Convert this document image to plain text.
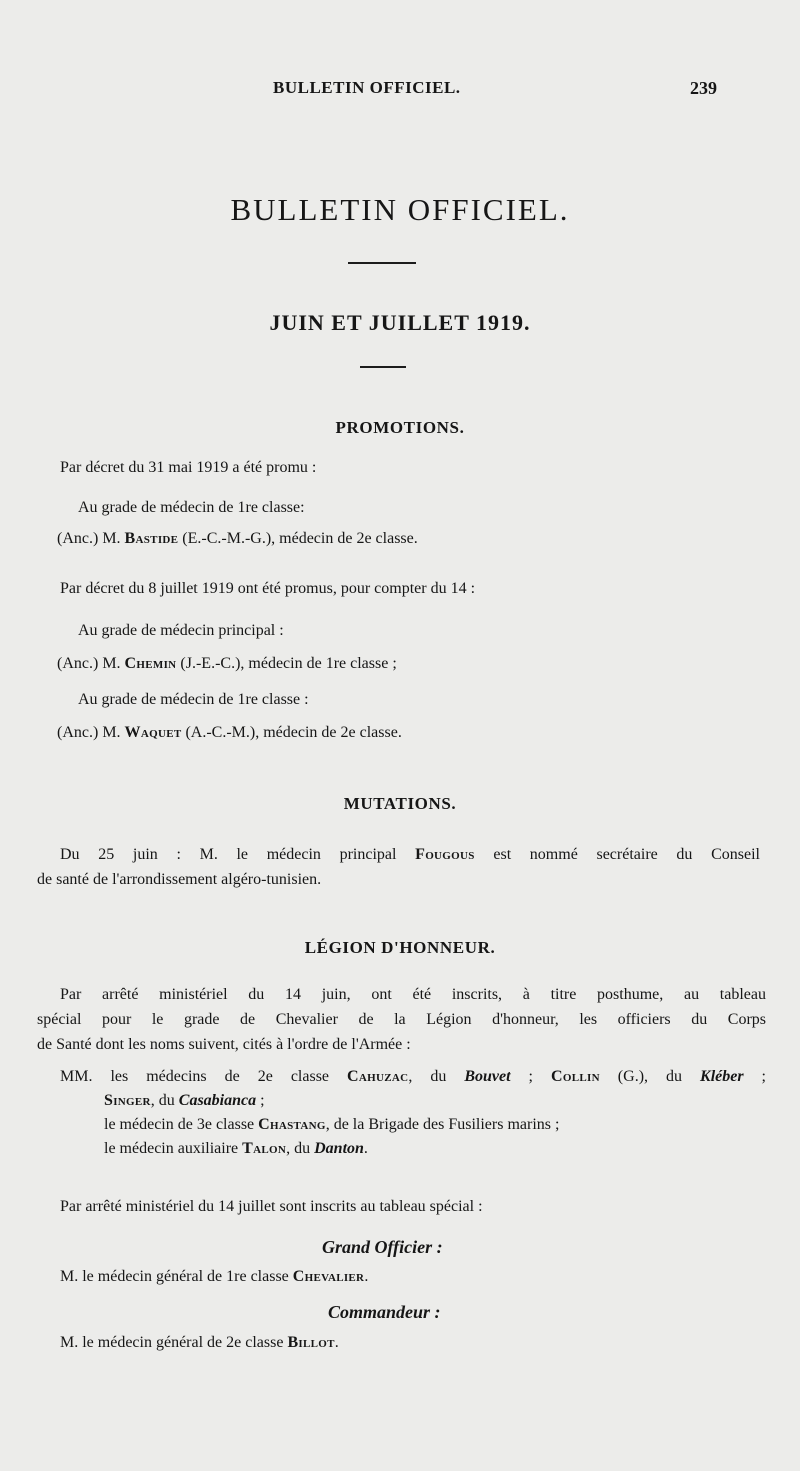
BULLETIN OFFICIEL.	239
BULLETIN OFFICIEL.
JUIN ET JUILLET 1919.
PROMOTIONS.
Par décret du 31 mai 1919 a été promu :
Au grade de médecin de 1re classe:
(Anc.) M. Bastide (E.-C.-M.-G.), médecin de 2e classe.
Par décret du 8 juillet 1919 ont été promus, pour compter du 14 :
Au grade de médecin principal :
(Anc.) M. Chemin (J.-E.-C.), médecin de 1re classe ;
Au grade de médecin de 1re classe :
(Anc.) M. Waquet (A.-C.-M.), médecin de 2e classe.
MUTATIONS.
Du 25 juin : M. le médecin principal Fougous est nommé secrétaire du Conseil
de santé de l'arrondissement algéro-tunisien.
LÉGION D'HONNEUR.
Par arrêté ministériel du 14 juin, ont été inscrits, à titre posthume, au tableau
spécial pour le grade de Chevalier de la Légion d'honneur, les officiers du Corps
de Santé dont les noms suivent, cités à l'ordre de l'Armée :
MM. les médecins de 2e classe Cahuzac, du Bouvet ; Collin (G.), du Kléber ;
Singer, du Casabianca ;
le médecin de 3e classe Chastang, de la Brigade des Fusiliers marins ;
le médecin auxiliaire Talon, du Danton.
Par arrêté ministériel du 14 juillet sont inscrits au tableau spécial :
Grand Officier :
M. le médecin général de 1re classe Chevalier.
Commandeur :
M. le médecin général de 2e classe Billot.
